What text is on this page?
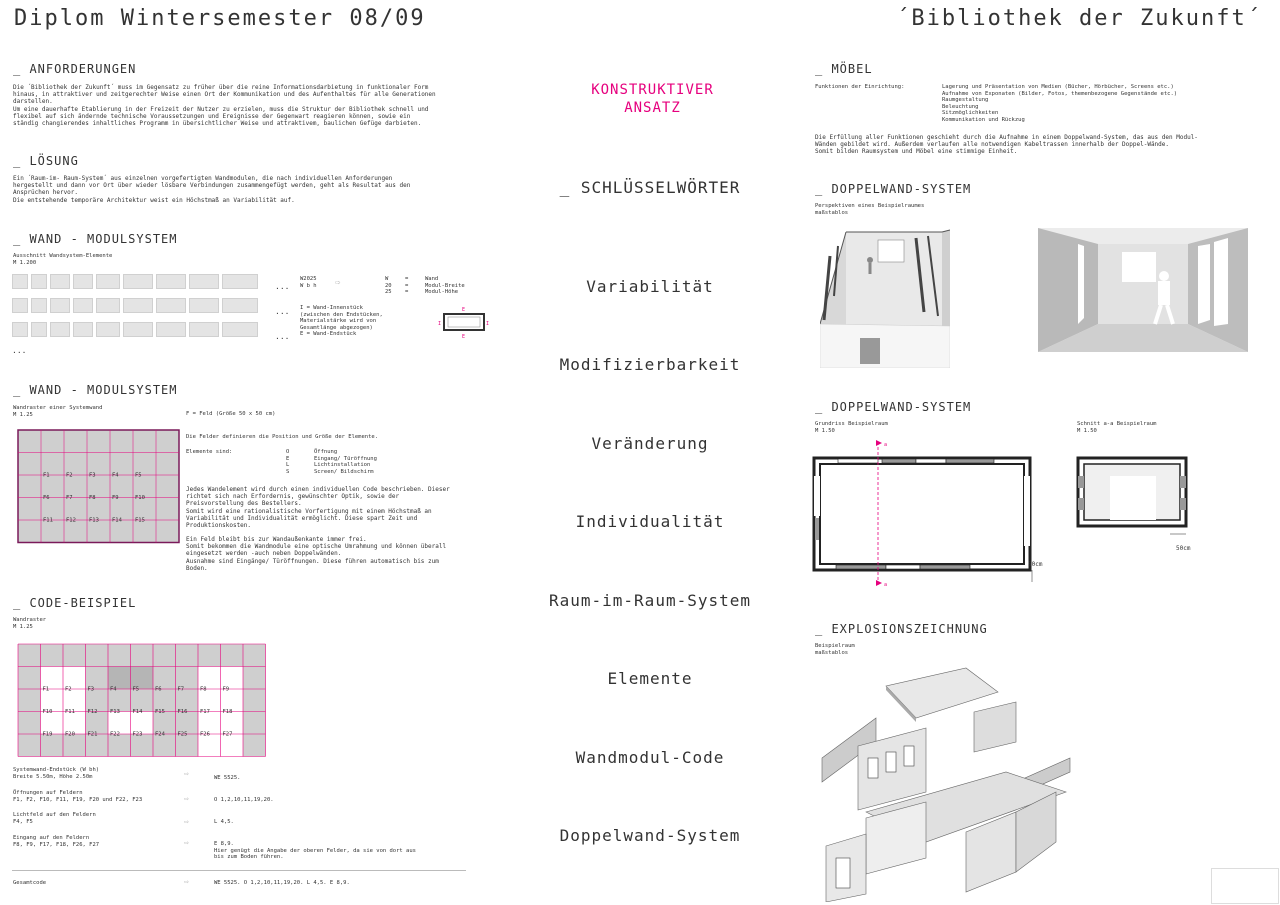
Diplom Wintersemester 08/09	´Bibliothek der Zukunft´
_ ANFORDERUNGEN
Die ´Bibliothek der Zukunft´ muss im Gegensatz zu früher über die reine Informationsdarbietung in funktionaler Form
hinaus, in attraktiver und zeitgerechter Weise einen Ort der Kommunikation und des Aufenthaltes für alle Generationen
darstellen.
Um eine dauerhafte Etablierung in der Freizeit der Nutzer zu erzielen, muss die Struktur der Bibliothek schnell und
flexibel auf sich ändernde technische Voraussetzungen und Ereignisse der Gegenwart reagieren können, sowie ein
ständig changierendes inhaltliches Programm in übersichtlicher Weise und attraktivem, baulichen Gefüge darbieten.
_ LÖSUNG
Ein ´Raum-im- Raum-System´ aus einzelnen vorgefertigten Wandmodulen, die nach individuellen Anforderungen
hergestellt und dann vor Ort über wieder lösbare Verbindungen zusammengefügt werden, geht als Resultat aus den
Ansprüchen hervor.
Die entstehende temporäre Architektur weist ein Höchstmaß an Variabilität auf.
_ WAND - MODULSYSTEM
Ausschnitt Wandsystem-Elemente
M 1.200
...
...
...
...
W2025
W b h ⇨	W	=	Wand
20 =	Modul-Breite
25 =	Modul-Höhe
I = Wand-Innenstück
(zwischen den Endstücken,
Materialstärke wird von
Gesamtlänge abgezogen)
E = Wand-Endstück
E
E
I	I
_ WAND - MODULSYSTEM
Wandraster einer Systemwand
M 1.25	F = Feld (Größe 50 x 50 cm)
F1	F2	F3	F4	F5
F6	F7	F8	F9	F10
F11 F12 F13 F14 F15
Die Felder definieren die Position und Größe der Elemente.
Elemente sind:	O	Öffnung
E	Eingang/ Türöffnung
L	Lichtinstallation
S	Screen/ Bildschirm
Jedes Wandelement wird durch einen individuellen Code beschrieben. Dieser
richtet sich nach Erfordernis, gewünschter Optik, sowie der
Preisvorstellung des Bestellers.
Somit wird eine rationalistische Vorfertigung mit einem Höchstmaß an
Variabilität und Individualität ermöglicht. Diese spart Zeit und
Produktionskosten.
Ein Feld bleibt bis zur Wandaußenkante immer frei.
Somit bekommen die Wandmodule eine optische Umrahmung und können überall
eingesetzt werden -auch neben Doppelwänden.
Ausnahme sind Eingänge/ Türöffnungen. Diese führen automatisch bis zum
Boden.
_ CODE-BEISPIEL
Wandraster
M 1.25
F1	F2	F3	F4	F5	F6	F7	F8	F9
F10 F11 F12 F13 F14 F15 F16 F17 F18
F19 F20 F21 F22 F23 F24 F25 F26 F27
Systemwand-Endstück (W bh)
Breite 5.50m, Höhe 2.50m	⇨	WE 5525.
Öffnungen auf Feldern
F1, F2, F10, F11, F19, F20 und F22, F23	⇨	O 1,2,10,11,19,20.
Lichtfeld auf den Feldern
F4, F5	⇨	L 4,5.
Eingang auf den Feldern
F8, F9, F17, F18, F26, F27	⇨	E 8,9.
Hier genügt die Angabe der oberen Felder, da sie von dort aus
bis zum Boden führen.
Gesamtcode	⇨	WE 5525. O 1,2,10,11,19,20. L 4,5. E 8,9.
KONSTRUKTIVER
ANSATZ
_ SCHLÜSSELWÖRTER
Variabilität
Modifizierbarkeit
Veränderung
Individualität
Raum-im-Raum-System
Elemente
Wandmodul-Code
Doppelwand-System
_ MÖBEL
Funktionen der Einrichtung:	Lagerung und Präsentation von Medien (Bücher, Hörbücher, Screens etc.)
Aufnahme von Exponaten (Bilder, Fotos, themenbezogene Gegenstände etc.)
Raumgestaltung
Beleuchtung
Sitzmöglichkeiten
Kommunikation und Rückzug
Die Erfüllung aller Funktionen geschieht durch die Aufnahme in einem Doppelwand-System, das aus den Modul-
Wänden gebildet wird. Außerdem verlaufen alle notwendigen Kabeltrassen innerhalb der Doppel-Wände.
Somit bilden Raumsystem und Möbel eine stimmige Einheit.
_ DOPPELWAND-SYSTEM
Perspektiven eines Beispielraumes
maßstablos
_ DOPPELWAND-SYSTEM
Grundriss Beispielraum
M 1.50
Schnitt a-a Beispielraum
M 1.50
a
a
50cm
50cm
_ EXPLOSIONSZEICHNUNG
Beispielraum
maßstablos
